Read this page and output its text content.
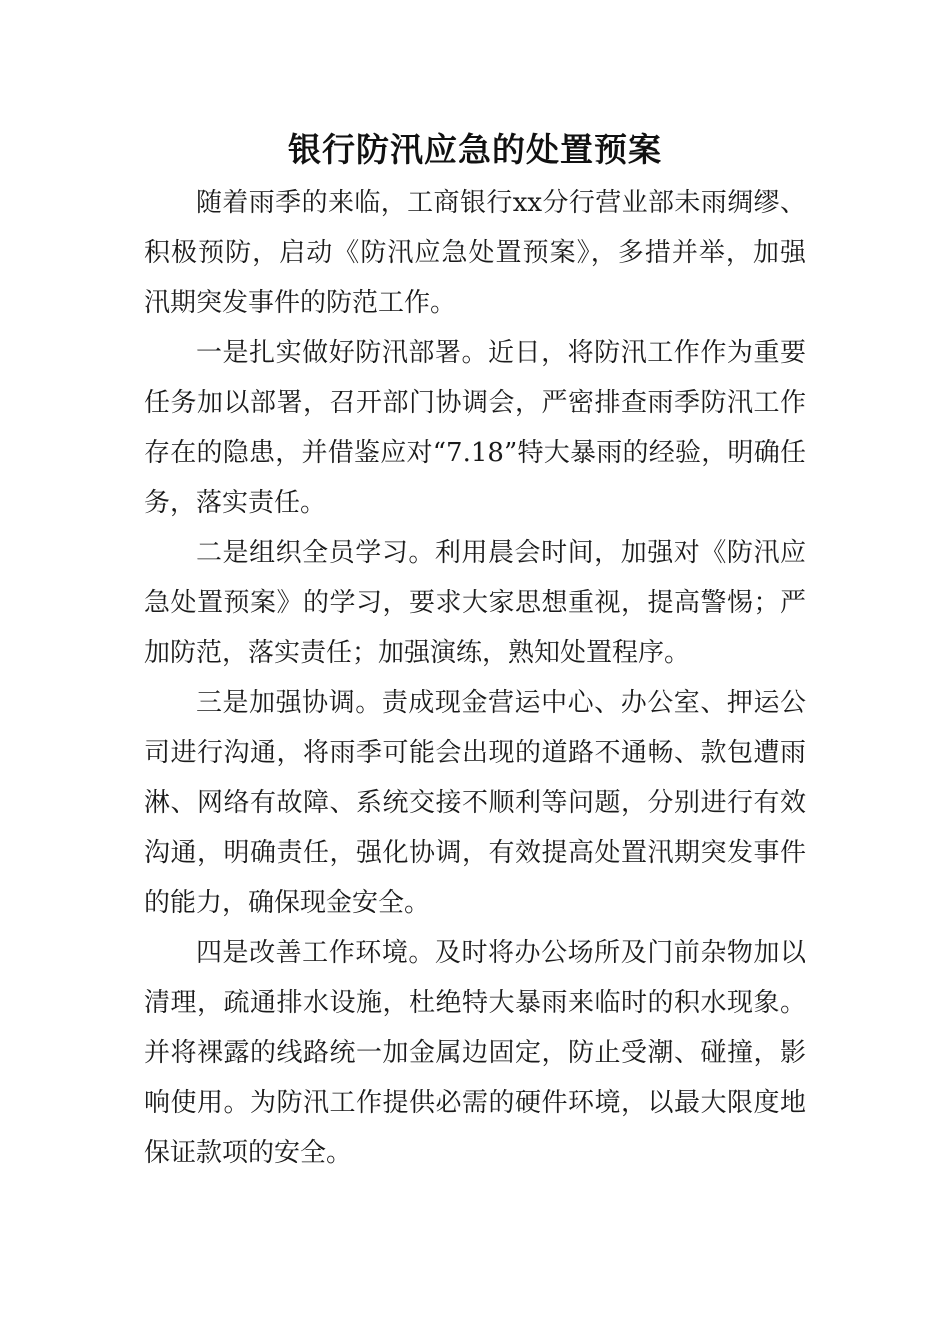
银行防汛应急的处置预案

随着雨季的来临，工商银行xx分行营业部未雨绸缪、积极预防，启动《防汛应急处置预案》，多措并举，加强汛期突发事件的防范工作。

一是扎实做好防汛部署。近日，将防汛工作作为重要任务加以部署，召开部门协调会，严密排查雨季防汛工作存在的隐患，并借鉴应对“7.18”特大暴雨的经验，明确任务，落实责任。

二是组织全员学习。利用晨会时间，加强对《防汛应急处置预案》的学习，要求大家思想重视，提高警惕；严加防范，落实责任；加强演练，熟知处置程序。

三是加强协调。责成现金营运中心、办公室、押运公司进行沟通，将雨季可能会出现的道路不通畅、款包遭雨淋、网络有故障、系统交接不顺利等问题，分别进行有效沟通，明确责任，强化协调，有效提高处置汛期突发事件的能力，确保现金安全。

四是改善工作环境。及时将办公场所及门前杂物加以清理，疏通排水设施，杜绝特大暴雨来临时的积水现象。并将裸露的线路统一加金属边固定，防止受潮、碰撞，影响使用。为防汛工作提供必需的硬件环境，以最大限度地保证款项的安全。
